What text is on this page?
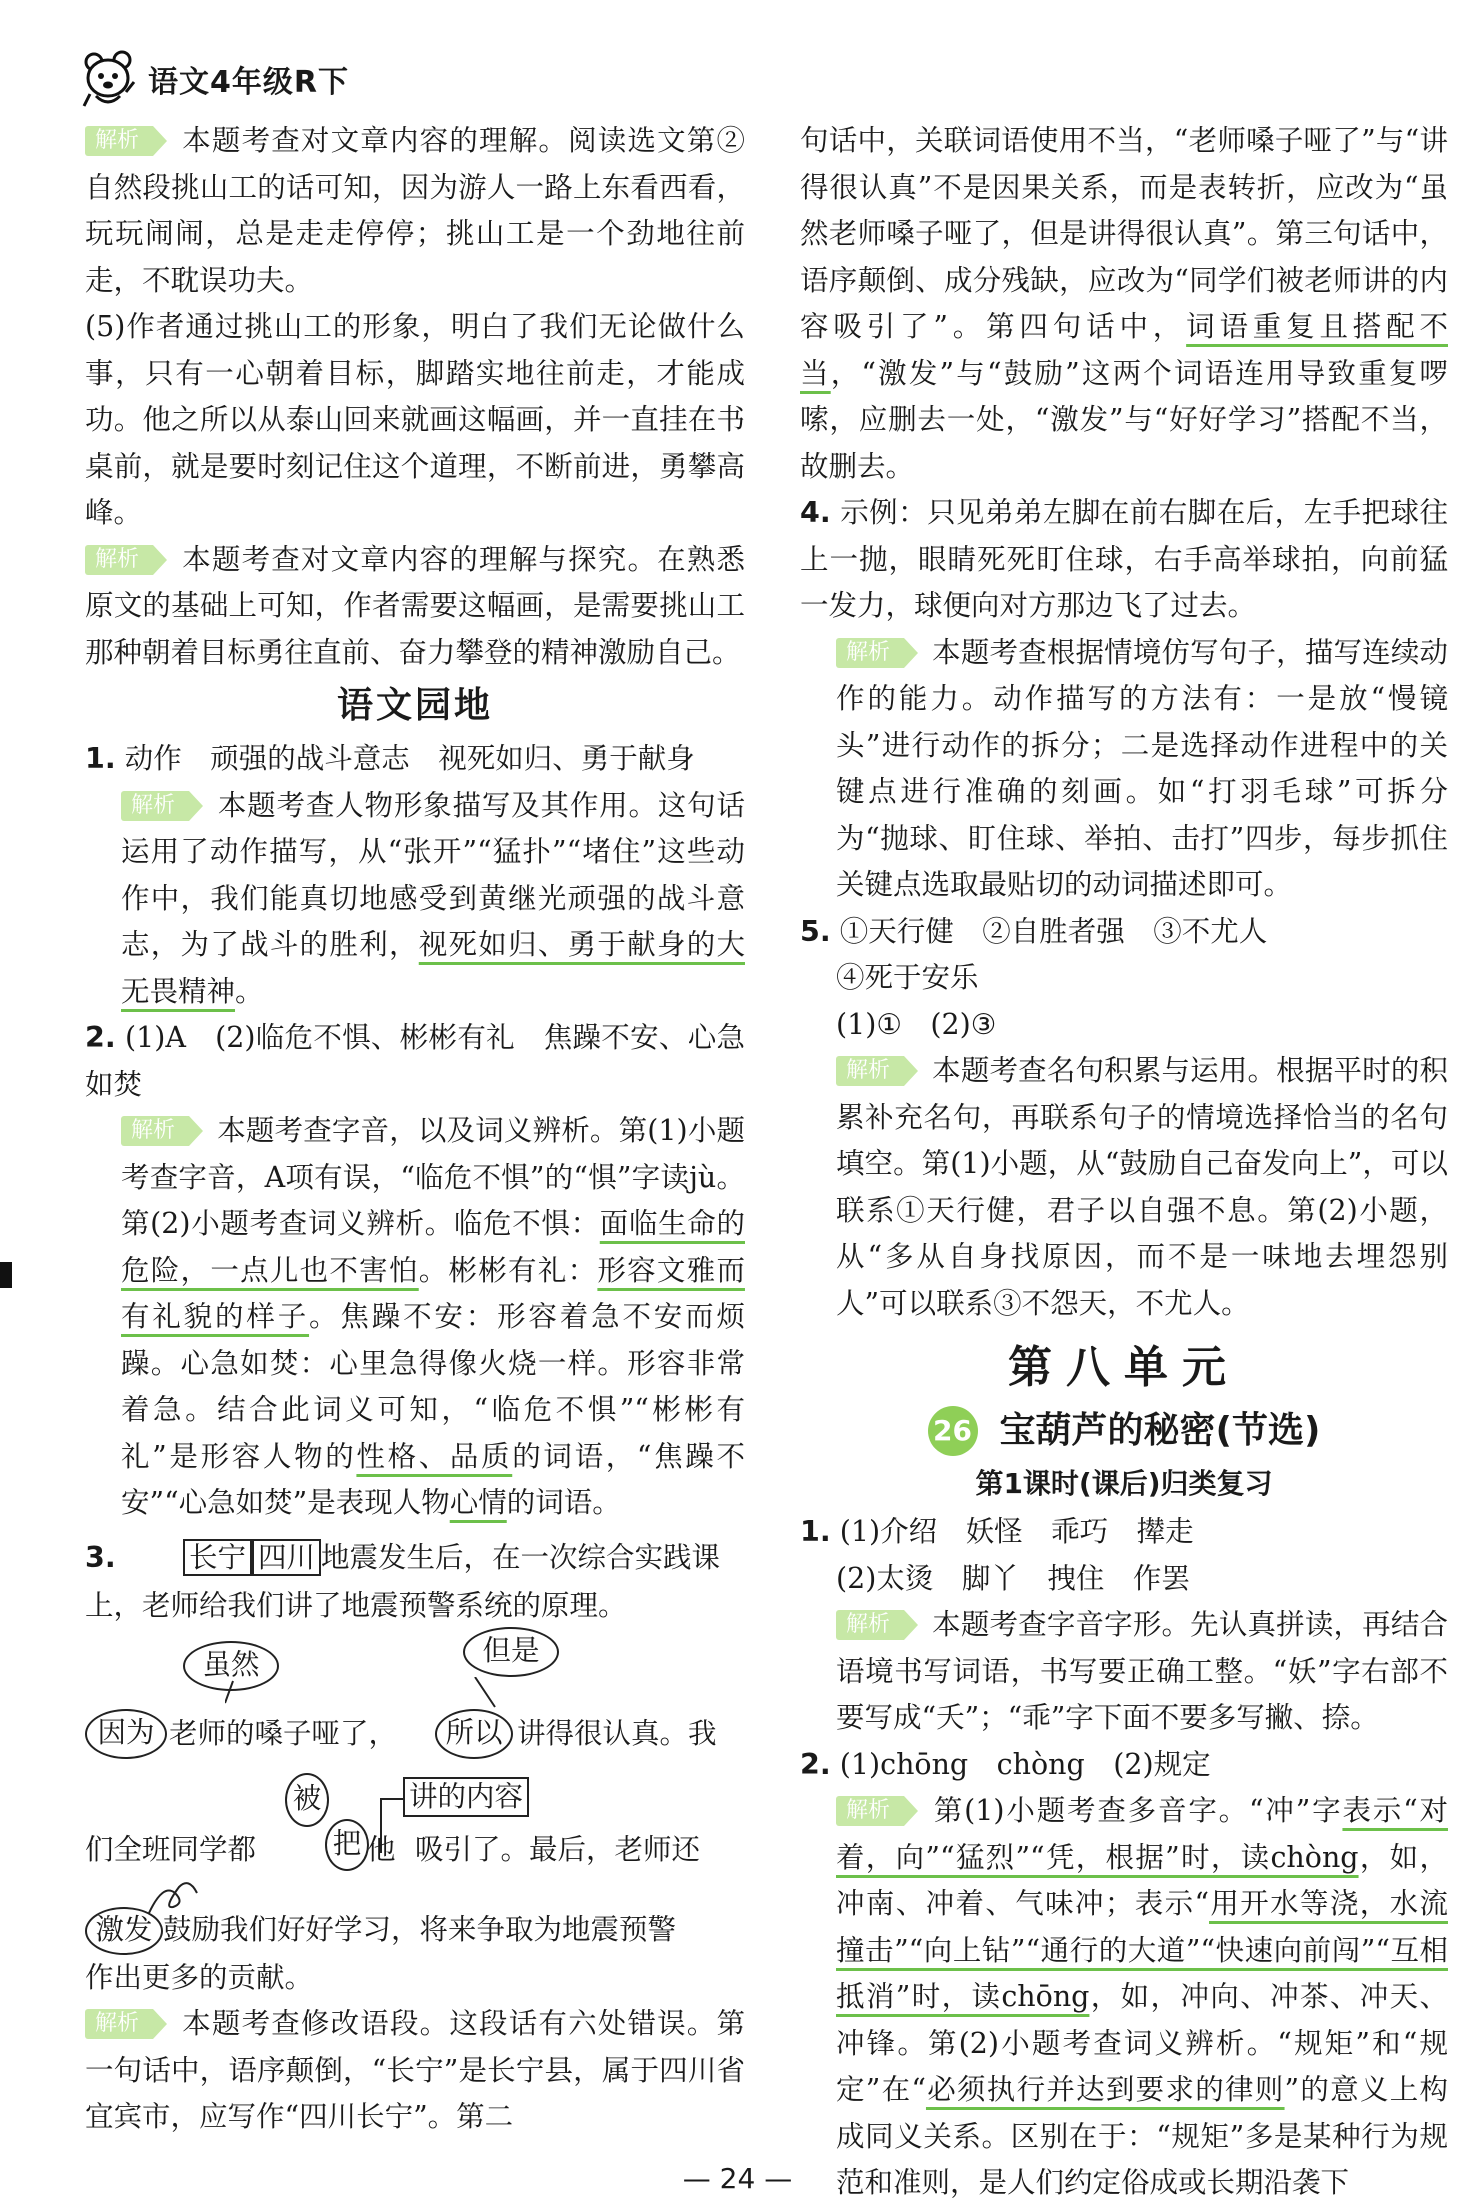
语文4年级R下

解析 本题考查对文章内容的理解。阅读选文第②自然段挑山工的话可知，因为游人一路上东看西看，玩玩闹闹，总是走走停停；挑山工是一个劲地往前走，不耽误功夫。

(5)作者通过挑山工的形象，明白了我们无论做什么事，只有一心朝着目标，脚踏实地往前走，才能成功。他之所以从泰山回来就画这幅画，并一直挂在书桌前，就是要时刻记住这个道理，不断前进，勇攀高峰。

解析 本题考查对文章内容的理解与探究。在熟悉原文的基础上可知，作者需要这幅画，是需要挑山工那种朝着目标勇往直前、奋力攀登的精神激励自己。

语文园地

1. 动作　顽强的战斗意志　视死如归、勇于献身

解析 本题考查人物形象描写及其作用。这句话运用了动作描写，从“张开”“猛扑”“堵住”这些动作中，我们能真切地感受到黄继光顽强的战斗意志，为了战斗的胜利，视死如归、勇于献身的大无畏精神。

2. (1)A　(2)临危不惧、彬彬有礼　焦躁不安、心急如焚

解析 本题考查字音，以及词义辨析。第(1)小题考查字音，A项有误，“临危不惧”的“惧”字读jù。第(2)小题考查词义辨析。临危不惧：面临生命的危险，一点儿也不害怕。彬彬有礼：形容文雅而有礼貌的样子。焦躁不安：形容着急不安而烦躁。心急如焚：心里急得像火烧一样。形容非常着急。结合此词义可知，“临危不惧”“彬彬有礼”是形容人物的性格、品质的词语，“焦躁不安”“心急如焚”是表现人物心情的词语。

3.	长宁 四川 地震发生后，在一次综合实践课
上，老师给我们讲了地震预警系统的原理。
虽然	但是
因为 老师的嗓子哑了，	所以 讲得很认真。我
被
把
讲的内容
们全班同学都	他 吸引了。最后，老师还

激发 鼓励我们好好学习，将来争取为地震预警

作出更多的贡献。

解析 本题考查修改语段。这段话有六处错误。第一句话中，语序颠倒，“长宁”是长宁县，属于四川省宜宾市，应写作“四川长宁”。第二

句话中，关联词语使用不当，“老师嗓子哑了”与“讲得很认真”不是因果关系，而是表转折，应改为“虽然老师嗓子哑了，但是讲得很认真”。第三句话中，语序颠倒、成分残缺，应改为“同学们被老师讲的内容吸引了”。第四句话中，词语重复且搭配不当，“激发”与“鼓励”这两个词语连用导致重复啰嗦，应删去一处，“激发”与“好好学习”搭配不当，故删去。

4. 示例：只见弟弟左脚在前右脚在后，左手把球往上一抛，眼睛死死盯住球，右手高举球拍，向前猛一发力，球便向对方那边飞了过去。

解析 本题考查根据情境仿写句子，描写连续动作的能力。动作描写的方法有：一是放“慢镜头”进行动作的拆分；二是选择动作进程中的关键点进行准确的刻画。如“打羽毛球”可拆分为“抛球、盯住球、举拍、击打”四步，每步抓住关键点选取最贴切的动词描述即可。

5. ①天行健　②自胜者强　③不尤人

④死于安乐

(1)①　(2)③

解析 本题考查名句积累与运用。根据平时的积累补充名句，再联系句子的情境选择恰当的名句填空。第(1)小题，从“鼓励自己奋发向上”，可以联系①天行健，君子以自强不息。第(2)小题，从“多从自身找原因，而不是一味地去埋怨别人”可以联系③不怨天，不尤人。

第八单元
26 宝葫芦的秘密(节选)
第1课时(课后)归类复习

1. (1)介绍　妖怪　乖巧　撵走

(2)太烫　脚丫　拽住　作罢

解析 本题考查字音字形。先认真拼读，再结合语境书写词语，书写要正确工整。“妖”字右部不要写成“夭”；“乖”字下面不要多写撇、捺。

2. (1)chōng　chòng　(2)规定

解析 第(1)小题考查多音字。“冲”字表示“对着，向”“猛烈”“凭，根据”时，读chòng，如，冲南、冲着、气味冲；表示“用开水等浇，水流撞击”“向上钻”“通行的大道”“快速向前闯”“互相抵消”时，读chōng，如，冲向、冲茶、冲天、冲锋。第(2)小题考查词义辨析。“规矩”和“规定”在“必须执行并达到要求的律则”的意义上构成同义关系。区别在于：“规矩”多是某种行为规范和准则，是人们约定俗成或长期沿袭下

— 24 —
